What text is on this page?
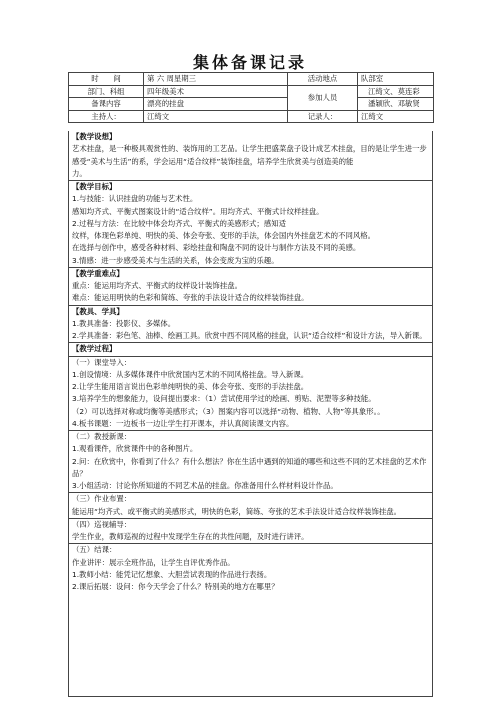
集体备课记录
时　　间	第 六 周星期三	活动地点	队部室
部门、科组	四年级美术	参加人员	江绮文、莫连彩
备课内容	漂亮的挂盘		潘颖欣、邓敏贤
主持人：	江绮文	记录人：	江绮文
【教学设想】
艺术挂盘，是一种极具观赏性的、装饰用的工艺品。让学生把盛菜盘子设计成艺术挂盘，目的是让学生进一步感受“美术与生活”的系，学会运用“适合纹样”装饰挂盘，培养学生欣赏美与创造美的能
力。
【教学目标】
1.与技能：认识挂盘的功能与艺术性。
感知均齐式、平衡式图案设计的“适合纹样”。用均齐式、平衡式计纹样挂盘。
2.过程与方法：在比较中体会均齐式、平衡式的美感形式；感知适
纹样，体现色彩单纯、明快的美、体会夸张、变形的手法，体会国内外挂盘艺术的不同风格。
在选择与创作中，感受各种材料、彩绘挂盘和陶盘不同的设计与制作方法及不同的美感。
3.情感：进一步感受美术与生活的关系，体会变废为宝的乐趣。
【教学重难点】
重点：能运用均齐式、平衡式的纹样设计装饰挂盘。
难点：能运用明快的色彩和简练、夸张的手法设计适合的纹样装饰挂盘。
【教具、学具】
1.教具准备：投影仪、多媒体。
2.学具准备：彩色笔、油棒、绘画工具。欣赏中西不同风格的挂盘，认识“适合纹样”和设计方法，导入新课。
【教学过程】
（一）课堂导入：
1.创设情境：从多媒体课件中欣赏国内艺术的不同风格挂盘。导入新课。
2.让学生能用语言说出色彩单纯明快的美、体会夸张、变形的手法挂盘。
3.培养学生的想象能力，设问提出要求：（1）尝试使用学过的绘画、剪贴、泥塑等多种技能。
（2）可以选择对称或均衡等美感形式；（3）图案内容可以选择“动物、植物、人物”等具象形。。
4.板书课题：一边板书一边让学生打开课本，并认真阅读课文内容。
（二）教授新课：
1.观看课件，欣赏课件中的各种图片。
2.问：在欣赏中，你看到了什么？有什么想法？你在生活中遇到的知道的哪些和这些不同的艺术挂盘的艺术作品？
3.小组活动：讨论你所知道的不同艺术品的挂盘。你准备用什么样材料设计作品。
（三）作业布置：
能运用“均齐式、或平衡式的美感形式，明快的色彩，简练、夸张的艺术手法设计适合纹样装饰挂盘。
（四）巡视辅导：
学生作业，教师巡视的过程中发现学生存在的共性问题，及时进行讲评。
（五）结课：
作业讲评：展示全班作品，让学生自评优秀作品。
1.教师小结：能凭记忆想象、大胆尝试表现的作品进行表扬。
2.课后拓展：设问：你今天学会了什么？特别美的地方在哪里？
